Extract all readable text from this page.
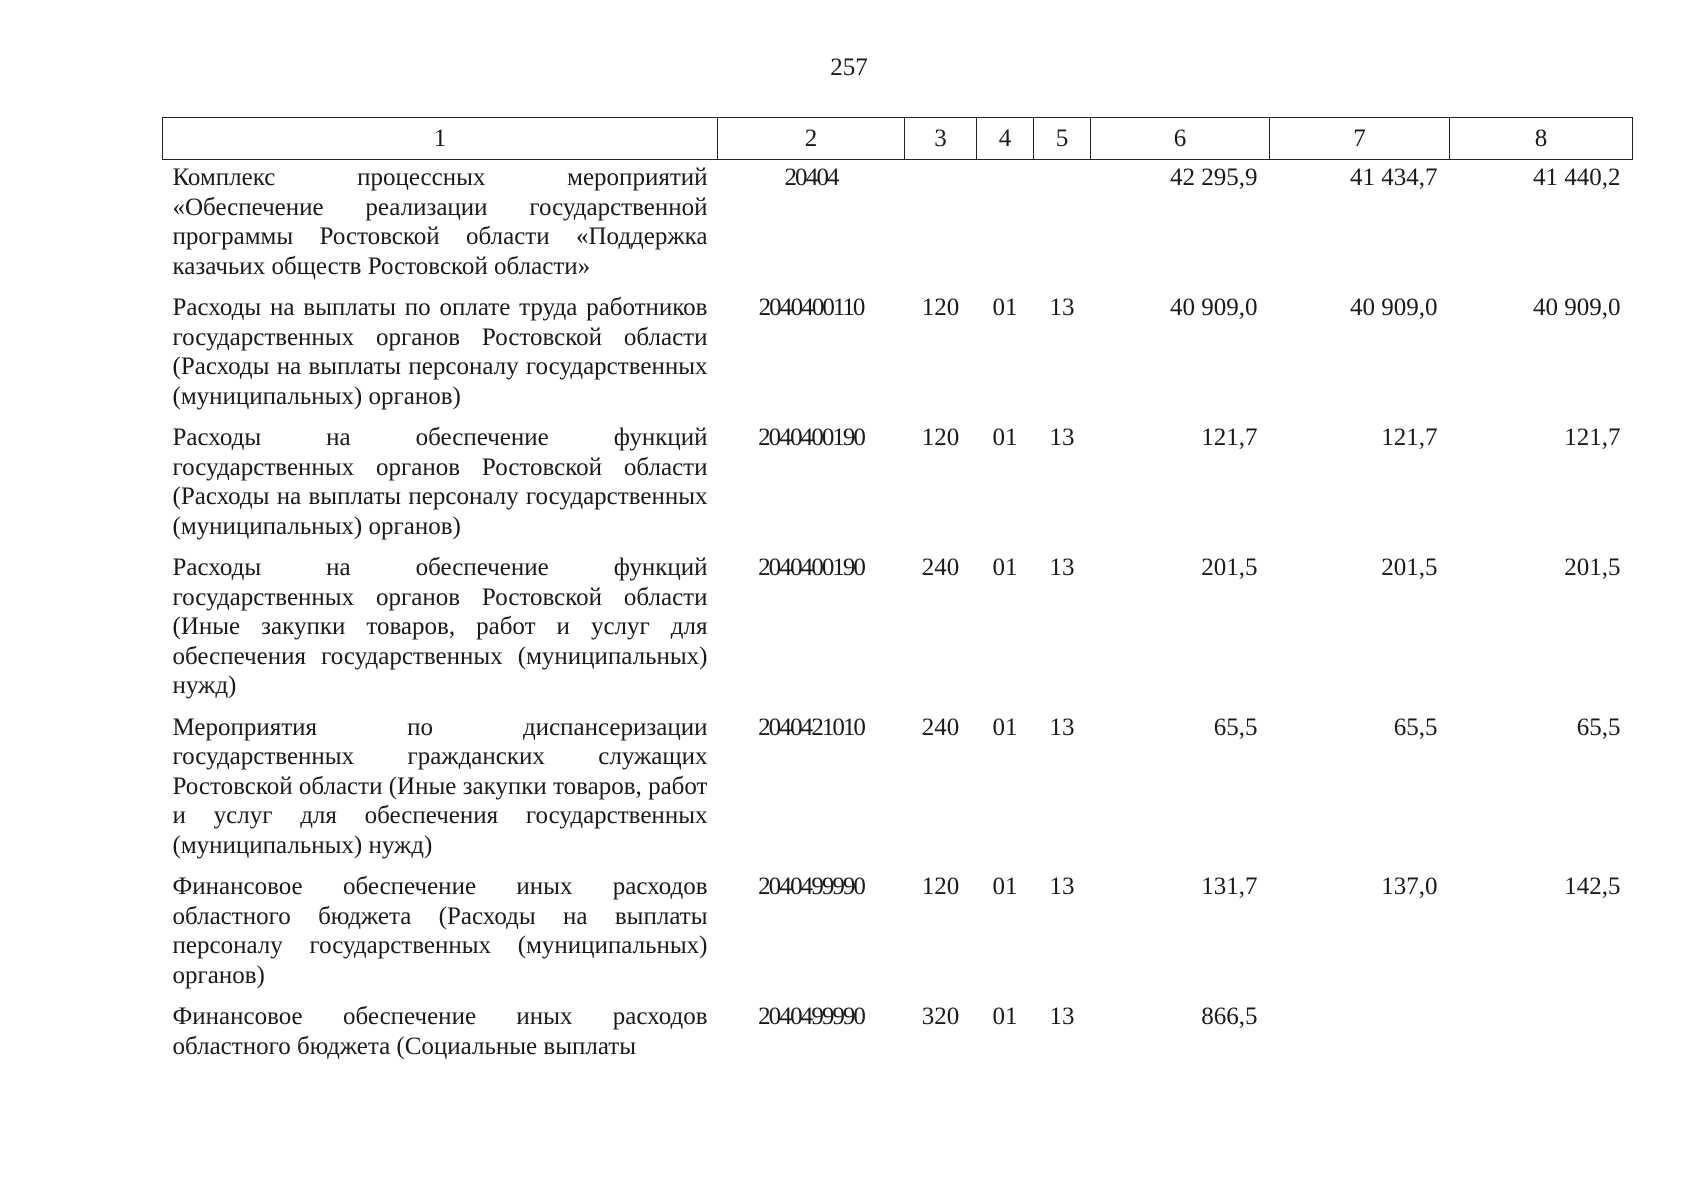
257
1	2	3	4	5	6	7	8
Комплекс процессных мероприятий «Обеспечение реализации государственной программы Ростовской области «Поддержка казачьих обществ Ростовской области»	20 4 04				42 295,9	41 434,7	41 440,2
Расходы на выплаты по оплате труда работников государственных органов Ростовской области (Расходы на выплаты персоналу государственных (муниципальных) органов)	20 4 04 00110	120	01	13	40 909,0	40 909,0	40 909,0
Расходы на обеспечение функций государственных органов Ростовской области (Расходы на выплаты персоналу государственных (муниципальных) органов)	20 4 04 00190	120	01	13	121,7	121,7	121,7
Расходы на обеспечение функций государственных органов Ростовской области (Иные закупки товаров, работ и услуг для обеспечения государственных (муниципальных) нужд)	20 4 04 00190	240	01	13	201,5	201,5	201,5
Мероприятия по диспансеризации государственных гражданских служащих Ростовской области (Иные закупки товаров, работ и услуг для обеспечения государственных (муниципальных) нужд)	20 4 04 21010	240	01	13	65,5	65,5	65,5
Финансовое обеспечение иных расходов областного бюджета (Расходы на выплаты персоналу государственных (муниципальных) органов)	20 4 04 99990	120	01	13	131,7	137,0	142,5
Финансовое обеспечение иных расходов областного бюджета (Социальные выплаты	20 4 04 99990	320	01	13	866,5		
